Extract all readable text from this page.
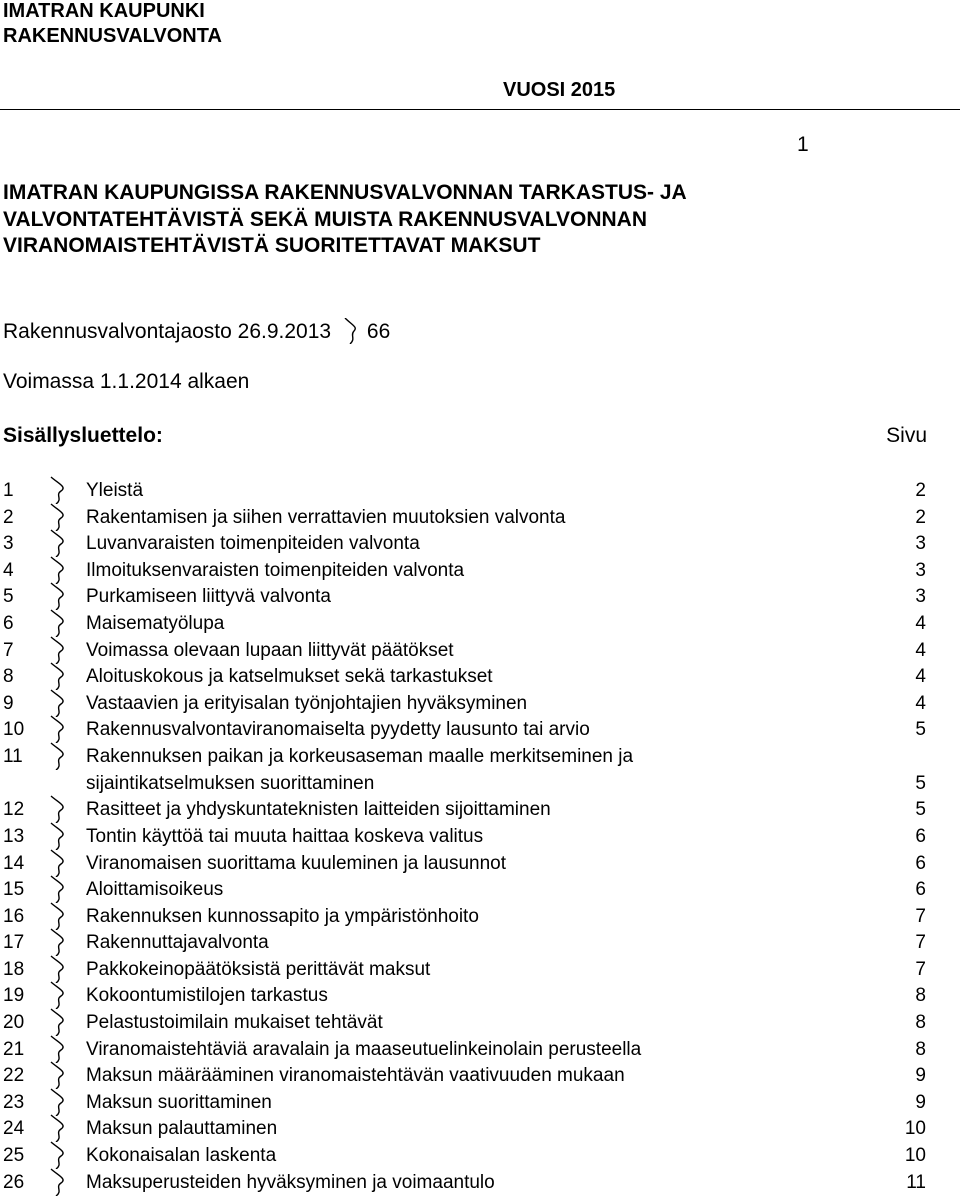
IMATRAN KAUPUNKI
RAKENNUSVALVONTA
VUOSI 2015
1
IMATRAN KAUPUNGISSA RAKENNUSVALVONNAN TARKASTUS- JA
VALVONTATEHTÄVISTÄ SEKÄ MUISTA RAKENNUSVALVONNAN
VIRANOMAISTEHTÄVISTÄ SUORITETTAVAT MAKSUT
Rakennusvalvontajaosto 26.9.2013 66
Voimassa 1.1.2014 alkaen
Sisällysluettelo:	Sivu
1	Yleistä	2
2	Rakentamisen ja siihen verrattavien muutoksien valvonta	2
3	Luvanvaraisten toimenpiteiden valvonta	3
4	Ilmoituksenvaraisten toimenpiteiden valvonta	3
5	Purkamiseen liittyvä valvonta	3
6	Maisematyölupa	4
7	Voimassa olevaan lupaan liittyvät päätökset	4
8	Aloituskokous ja katselmukset sekä tarkastukset	4
9	Vastaavien ja erityisalan työnjohtajien hyväksyminen	4
10	Rakennusvalvontaviranomaiselta pyydetty lausunto tai arvio	5
11	Rakennuksen paikan ja korkeusaseman maalle merkitseminen ja
sijaintikatselmuksen suorittaminen	5
12	Rasitteet ja yhdyskuntateknisten laitteiden sijoittaminen	5
13	Tontin käyttöä tai muuta haittaa koskeva valitus	6
14	Viranomaisen suorittama kuuleminen ja lausunnot	6
15	Aloittamisoikeus	6
16	Rakennuksen kunnossapito ja ympäristönhoito	7
17	Rakennuttajavalvonta	7
18	Pakkokeinopäätöksistä perittävät maksut	7
19	Kokoontumistilojen tarkastus	8
20	Pelastustoimilain mukaiset tehtävät	8
21	Viranomaistehtäviä aravalain ja maaseutuelinkeinolain perusteella	8
22	Maksun määrääminen viranomaistehtävän vaativuuden mukaan	9
23	Maksun suorittaminen	9
24	Maksun palauttaminen	10
25	Kokonaisalan laskenta	10
26	Maksuperusteiden hyväksyminen ja voimaantulo	11
